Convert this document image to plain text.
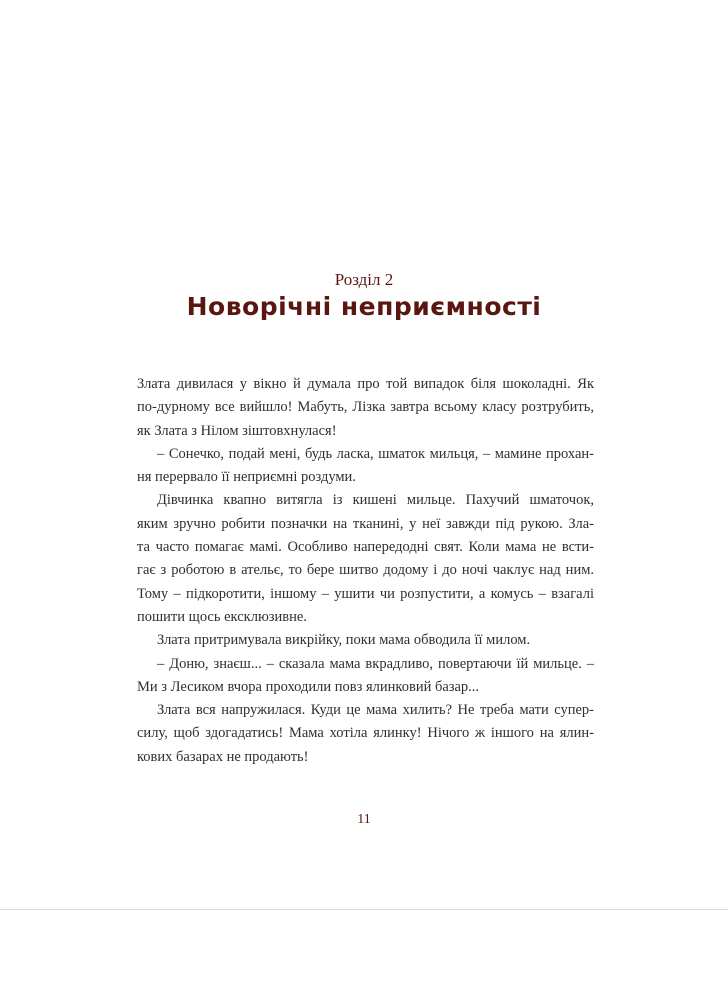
Розділ 2
Новорічні неприємності
Злата дивилася у вікно й думала про той випадок біля шоколадні. Як
по-дурному все вийшло! Мабуть, Лізка завтра всьому класу розтрубить,
як Злата з Нілом зіштовхнулася!
– Сонечко, подай мені, будь ласка, шматок мильця, – мамине прохан-
ня перервало її неприємні роздуми.
Дівчинка квапно витягла із кишені мильце. Пахучий шматочок,
яким зручно робити позначки на тканині, у неї завжди під рукою. Зла-
та часто помагає мамі. Особливо напередодні свят. Коли мама не всти-
гає з роботою в ательє, то бере шитво додому і до ночі чаклує над ним.
Тому – підкоротити, іншому – ушити чи розпустити, а комусь – взагалі
пошити щось ексклюзивне.
Злата притримувала викрійку, поки мама обводила її милом.
– Доню, знаєш... – сказала мама вкрадливо, повертаючи їй мильце. –
Ми з Лесиком вчора проходили повз ялинковий базар...
Злата вся напружилася. Куди це мама хилить? Не треба мати супер-
силу, щоб здогадатись! Мама хотіла ялинку! Нічого ж іншого на ялин-
кових базарах не продають!
11
